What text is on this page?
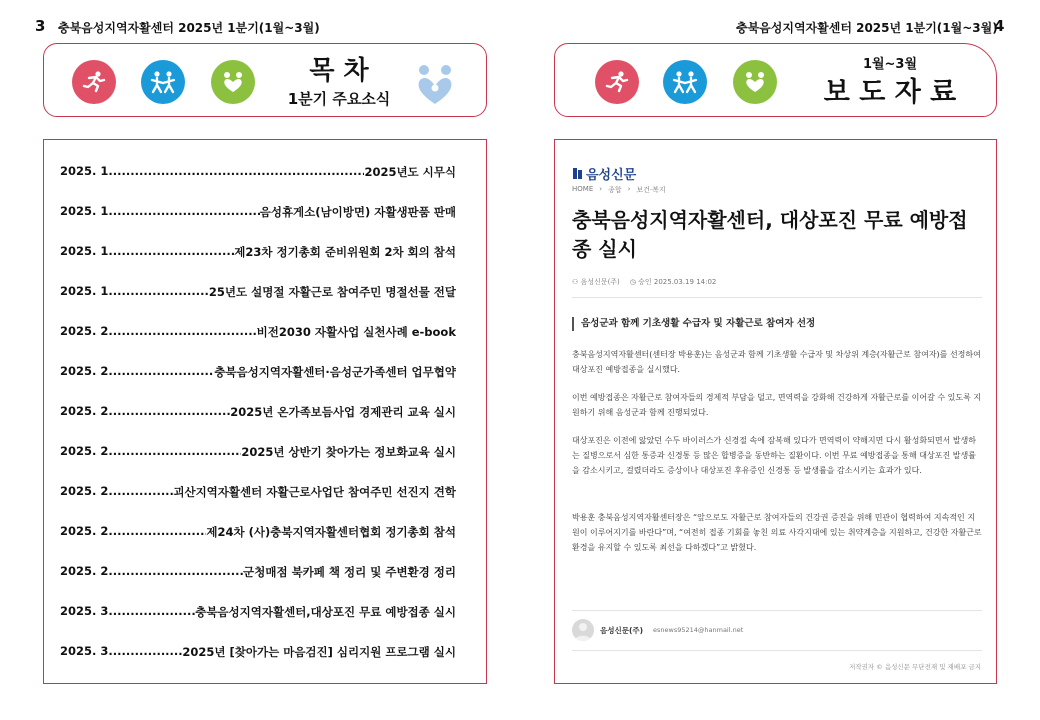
3 충북음성지역자활센터 2025년 1분기(1월~3월)
목 차
1분기 주요소식
2025. 1 .....	2025년도 시무식
2025. 1 .....	음성휴게소(남이방면) 자활생판품 판매
2025. 1 .....	제23차 정기총회 준비위원회 2차 회의 참석
2025. 1 .....	25년도 설명절 자활근로 참여주민 명절선물 전달
2025. 2 .....	비전2030 자활사업 실천사례 e-book
2025. 2 .....	충북음성지역자활센터·음성군가족센터 업무협약
2025. 2 .....	2025년 온가족보듬사업 경제관리 교육 실시
2025. 2 .....	2025년 상반기 찾아가는 정보화교육 실시
2025. 2 .....	괴산지역자활센터 자활근로사업단 참여주민 선진지 견학
2025. 2 .....	제24차 (사)충북지역자활센터협회 정기총회 참석
2025. 2 .....	군청매점 북카페 책 정리 및 주변환경 정리
2025. 3 .....	충북음성지역자활센터,대상포진 무료 예방접종 실시
2025. 3 .....	2025년 [찾아가는 마음검진] 심리지원 프로그램 실시
충북음성지역자활센터 2025년 1분기(1월~3월)
4
1월~3월
보 도 자 료
음성신문
HOME › 종합 › 보건·복지
충북음성지역자활센터, 대상포진 무료 예방접종 실시
⚇ 음성신문(주) ◷ 승인 2025.03.19 14:02
음성군과 함께 기초생활 수급자 및 자활근로 참여자 선정
충북음성지역자활센터(센터장 박용훈)는 음성군과 함께 기초생활 수급자 및 차상위 계층(자활근로 참여자)를 선정하여 대상포진 예방접종을 실시했다.
이번 예방접종은 자활근로 참여자들의 경제적 부담을 덜고, 면역력을 강화해 건강하게 자활근로를 이어갈 수 있도록 지원하기 위해 음성군과 함께 진행되었다.
대상포진은 이전에 앓았던 수두 바이러스가 신경절 속에 잠복해 있다가 면역력이 약해지면 다시 활성화되면서 발생하는 질병으로서 심한 통증과 신경통 등 많은 합병증을 동반하는 질환이다. 이번 무료 예방접종을 통해 대상포진 발생률을 감소시키고, 걸렸더라도 증상이나 대상포진 후유증인 신경통 등 발생률을 감소시키는 효과가 있다.
박용훈 충북음성지역자활센터장은 “앞으로도 자활근로 참여자들의 건강권 증진을 위해 민관이 협력하여 지속적인 지원이 이루어지기를 바란다”며, “여전히 접종 기회를 놓친 의료 사각지대에 있는 취약계층을 지원하고, 건강한 자활근로 환경을 유지할 수 있도록 최선을 다하겠다”고 밝혔다.
음성신문(주) esnews95214@hanmail.net
저작권자 © 음성신문 무단전재 및 재배포 금지
